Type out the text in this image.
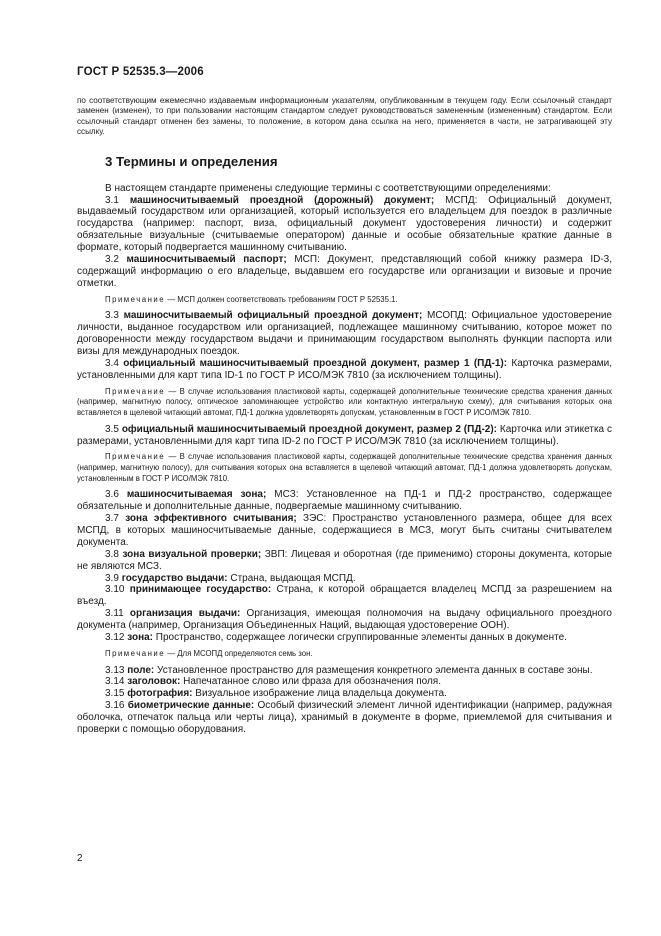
ГОСТ Р 52535.3—2006

по соответствующим ежемесячно издаваемым информационным указателям, опубликованным в текущем году. Если ссылочный стандарт заменен (изменен), то при пользовании настоящим стандартом следует руководствоваться замененным (измененным) стандартом. Если ссылочный стандарт отменен без замены, то положение, в котором дана ссылка на него, применяется в части, не затрагивающей эту ссылку.

3 Термины и определения

В настоящем стандарте применены следующие термины с соответствующими определениями:

3.1 машиносчитываемый проездной (дорожный) документ; МСПД: Официальный документ, выдаваемый государством или организацией, который используется его владельцем для поездок в различные государства (например: паспорт, виза, официальный документ удостоверения личности) и содержит обязательные визуальные (считываемые оператором) данные и особые обязательные краткие данные в формате, который подвергается машинному считыванию.

3.2 машиносчитываемый паспорт; МСП: Документ, представляющий собой книжку размера ID-3, содержащий информацию о его владельце, выдавшем его государстве или организации и визовые и прочие отметки.

Примечание — МСП должен соответствовать требованиям ГОСТ Р 52535.1.

3.3 машиносчитываемый официальный проездной документ; МСОПД: Официальное удостоверение личности, выданное государством или организацией, подлежащее машинному считыванию, которое может по договоренности между государством выдачи и принимающим государством выполнять функции паспорта или визы для международных поездок.

3.4 официальный машиносчитываемый проездной документ, размер 1 (ПД-1): Карточка размерами, установленными для карт типа ID-1 по ГОСТ Р ИСО/МЭК 7810 (за исключением толщины).

Примечание — В случае использования пластиковой карты, содержащей дополнительные технические средства хранения данных (например, магнитную полосу, оптическое запоминающее устройство или контактную интегральную схему), для считывания которых она вставляется в щелевой читающий автомат, ПД-1 должна удовлетворять допускам, установленным в ГОСТ Р ИСО/МЭК 7810.

3.5 официальный машиносчитываемый проездной документ, размер 2 (ПД-2): Карточка или этикетка с размерами, установленными для карт типа ID-2 по ГОСТ Р ИСО/МЭК 7810 (за исключением толщины).

Примечание — В случае использования пластиковой карты, содержащей дополнительные технические средства хранения данных (например, магнитную полосу), для считывания которых она вставляется в щелевой читающий автомат, ПД-1 должна удовлетворять допускам, установленным в ГОСТ Р ИСО/МЭК 7810.

3.6 машиносчитываемая зона; МСЗ: Установленное на ПД-1 и ПД-2 пространство, содержащее обязательные и дополнительные данные, подвергаемые машинному считыванию.

3.7 зона эффективного считывания; ЗЭС: Пространство установленного размера, общее для всех МСПД, в которых машиносчитываемые данные, содержащиеся в МСЗ, могут быть считаны считывателем документа.

3.8 зона визуальной проверки; ЗВП: Лицевая и оборотная (где применимо) стороны документа, которые не являются МСЗ.

3.9 государство выдачи: Страна, выдающая МСПД.

3.10 принимающее государство: Страна, к которой обращается владелец МСПД за разрешением на въезд.

3.11 организация выдачи: Организация, имеющая полномочия на выдачу официального проездного документа (например, Организация Объединенных Наций, выдающая удостоверение ООН).

3.12 зона: Пространство, содержащее логически сгруппированные элементы данных в документе.

Примечание — Для МСОПД определяются семь зон.

3.13 поле: Установленное пространство для размещения конкретного элемента данных в составе зоны.

3.14 заголовок: Напечатанное слово или фраза для обозначения поля.

3.15 фотография: Визуальное изображение лица владельца документа.

3.16 биометрические данные: Особый физический элемент личной идентификации (например, радужная оболочка, отпечаток пальца или черты лица), хранимый в документе в форме, приемлемой для считывания и проверки с помощью оборудования.

2
